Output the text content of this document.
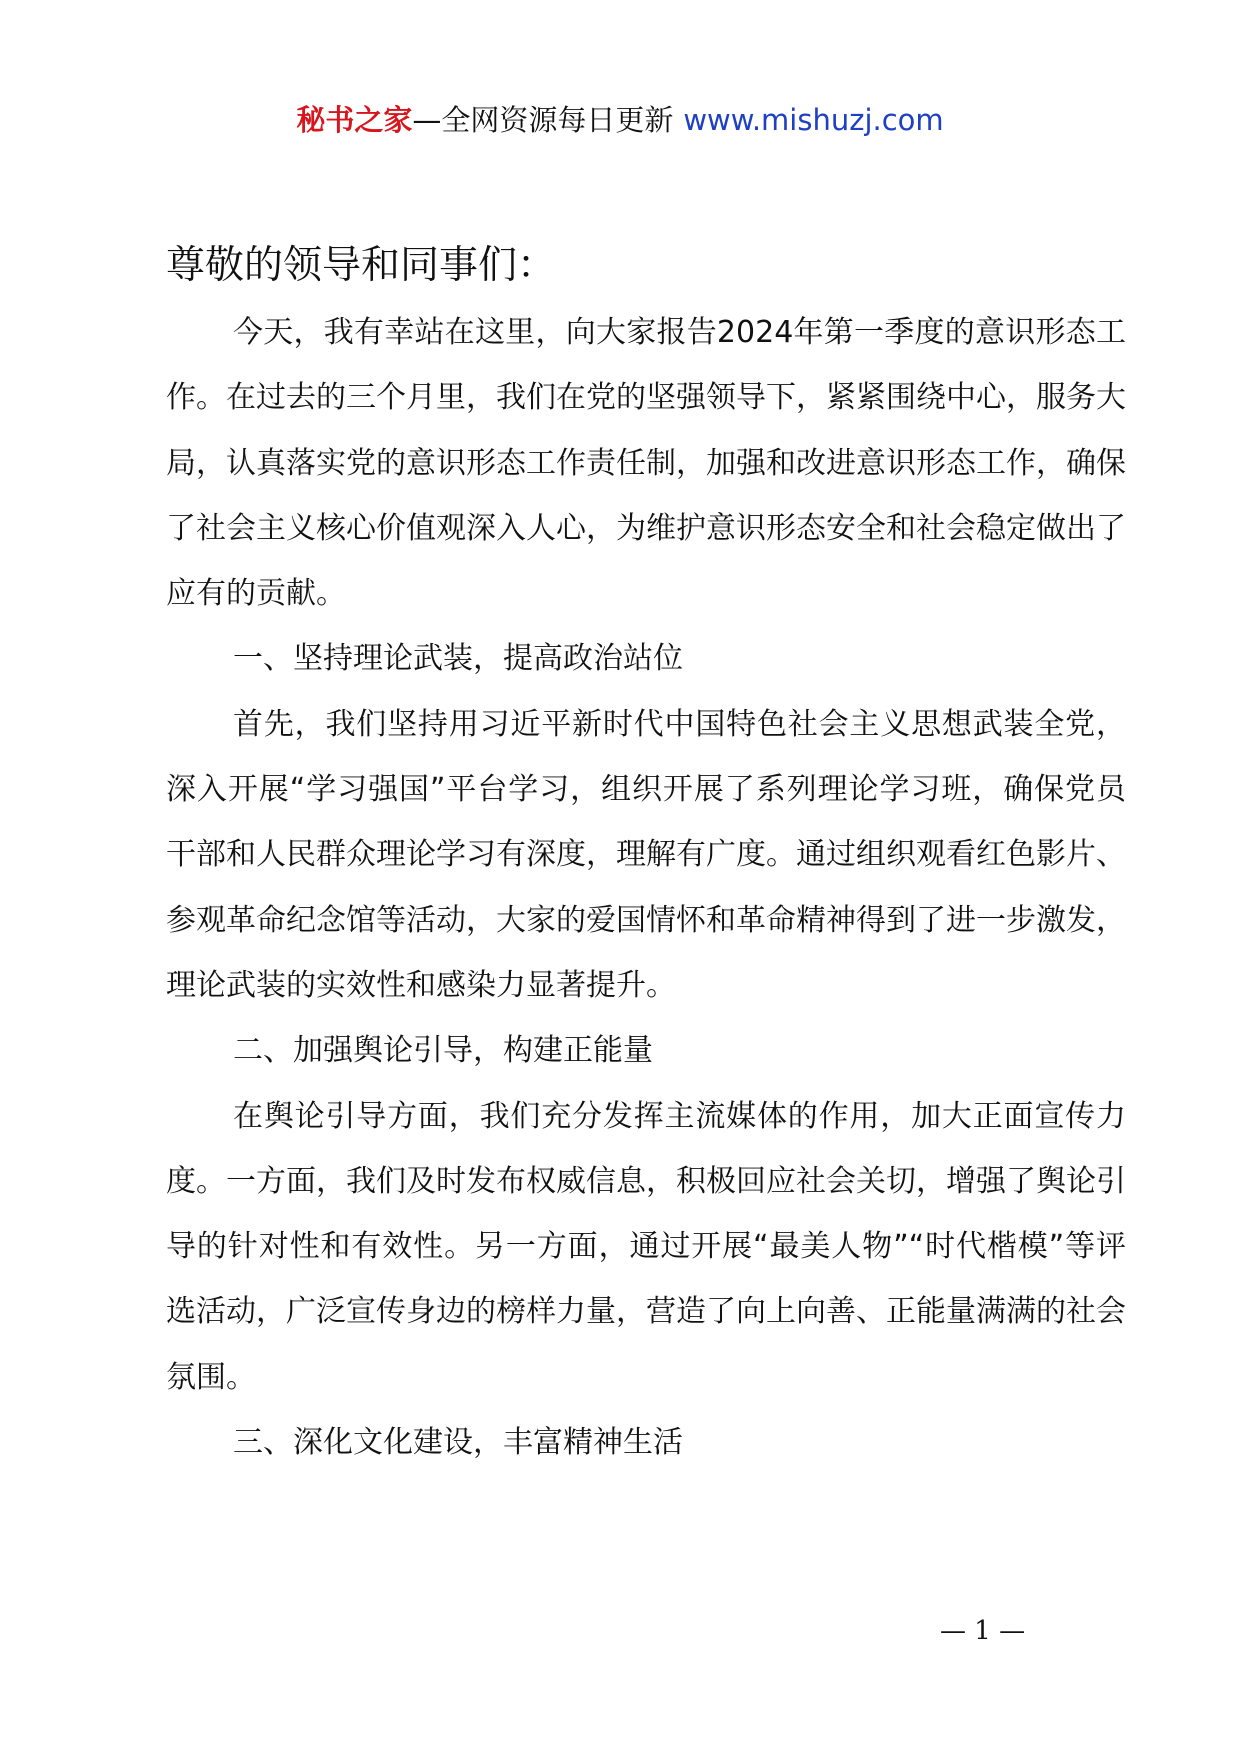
秘书之家—全网资源每日更新 www.mishuzj.com
尊敬的领导和同事们：

今天，我有幸站在这里，向大家报告2024年第一季度的意识形态工作。在过去的三个月里，我们在党的坚强领导下，紧紧围绕中心，服务大局，认真落实党的意识形态工作责任制，加强和改进意识形态工作，确保了社会主义核心价值观深入人心，为维护意识形态安全和社会稳定做出了应有的贡献。

一、坚持理论武装，提高政治站位

首先，我们坚持用习近平新时代中国特色社会主义思想武装全党，深入开展“学习强国”平台学习，组织开展了系列理论学习班，确保党员干部和人民群众理论学习有深度，理解有广度。通过组织观看红色影片、参观革命纪念馆等活动，大家的爱国情怀和革命精神得到了进一步激发，理论武装的实效性和感染力显著提升。

二、加强舆论引导，构建正能量

在舆论引导方面，我们充分发挥主流媒体的作用，加大正面宣传力度。一方面，我们及时发布权威信息，积极回应社会关切，增强了舆论引导的针对性和有效性。另一方面，通过开展“最美人物”“时代楷模”等评选活动，广泛宣传身边的榜样力量，营造了向上向善、正能量满满的社会氛围。

三、深化文化建设，丰富精神生活
— 1 —
